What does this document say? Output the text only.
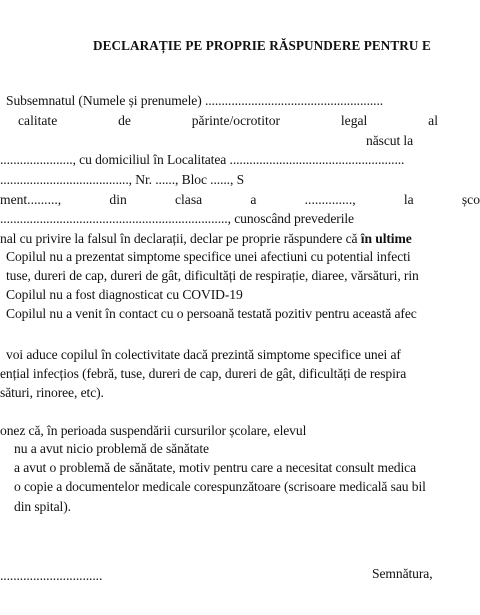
DECLARAȚIE PE PROPRIE RĂSPUNDERE PENTRU E
Subsemnatul (Numele și prenumele) ......................................................
calitate	de	părinte/ocrotitor	legal	al
născut la
......................, cu domiciliul în Localitatea .....................................................
......................................., Nr. ......, Bloc ......, S
ment.........,	din	clasa	a	..............,	la	șco
....................................................................., cunoscând prevederile
nal cu privire la falsul în declarații, declar pe proprie răspundere că în ultime
Copilul nu a prezentat simptome specifice unei afectiuni cu potential infecti
tuse, dureri de cap, dureri de gât, dificultăți de respirație, diaree, vărsături, rin
Copilul nu a fost diagnosticat cu COVID-19
Copilul nu a venit în contact cu o persoană testată pozitiv pentru această afec
voi aduce copilul în colectivitate dacă prezintă simptome specifice unei af
ențial infecțios (febră, tuse, dureri de cap, dureri de gât, dificultăți de respira
sături, rinoree, etc).
onez că, în perioada suspendării cursurilor școlare, elevul
nu a avut nicio problemă de sănătate
a avut o problemă de sănătate, motiv pentru care a necesitat consult medica
o copie a documentelor medicale corespunzătoare (scrisoare medicală sau bil
din spital).
...............................	Semnătura,
